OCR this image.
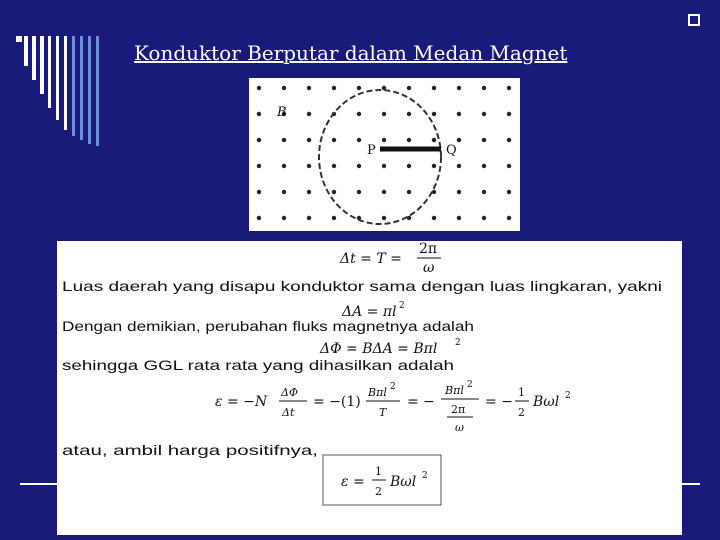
Konduktor Berputar dalam Medan Magnet
B
P	Q
Δt = T =
2π
ω
Luas daerah yang disapu konduktor sama dengan luas lingkaran, yakni
ΔA = πl 2
Dengan demikian, perubahan fluks magnetnya adalah
ΔΦ = BΔA = Bπl 2
sehingga GGL rata rata yang dihasilkan adalah
ε = −N
ΔΦ
Δt
= −(1)
Bπl 2
T
= −
Bπl 2
2π
ω
= −
1
2
Bωl 2
atau, ambil harga positifnya,
ε =
1
2
Bωl 2
